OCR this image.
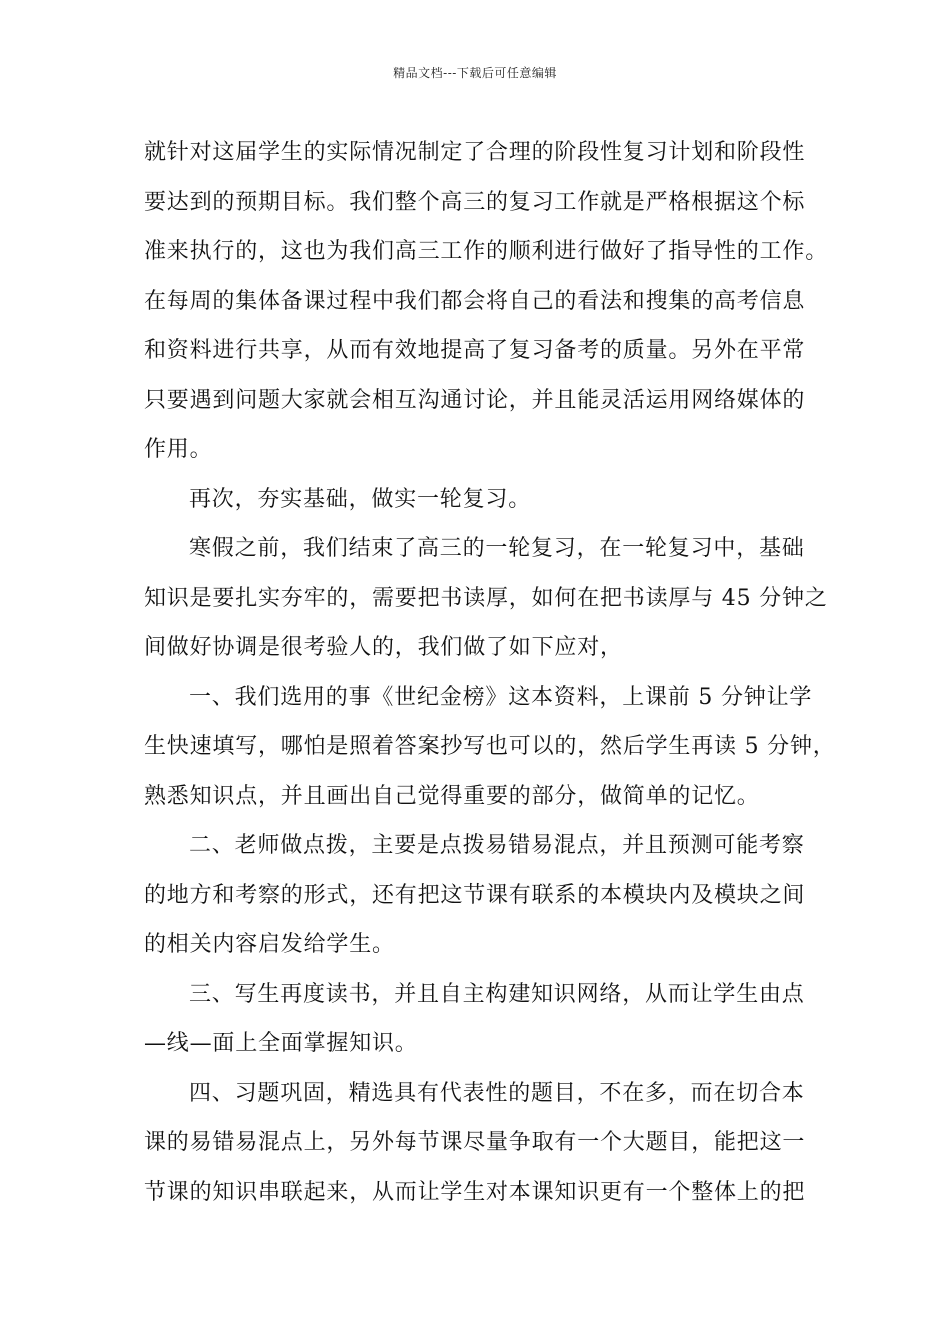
精品文档---下载后可任意编辑
就针对这届学生的实际情况制定了合理的阶段性复习计划和阶段性
要达到的预期目标。我们整个高三的复习工作就是严格根据这个标
准来执行的，这也为我们高三工作的顺利进行做好了指导性的工作。
在每周的集体备课过程中我们都会将自己的看法和搜集的高考信息
和资料进行共享，从而有效地提高了复习备考的质量。另外在平常
只要遇到问题大家就会相互沟通讨论，并且能灵活运用网络媒体的
作用。
再次，夯实基础，做实一轮复习。
寒假之前，我们结束了高三的一轮复习，在一轮复习中，基础
知识是要扎实夯牢的，需要把书读厚，如何在把书读厚与 45 分钟之
间做好协调是很考验人的，我们做了如下应对，
一、我们选用的事《世纪金榜》这本资料，上课前 5 分钟让学
生快速填写，哪怕是照着答案抄写也可以的，然后学生再读 5 分钟，
熟悉知识点，并且画出自己觉得重要的部分，做简单的记忆。
二、老师做点拨，主要是点拨易错易混点，并且预测可能考察
的地方和考察的形式，还有把这节课有联系的本模块内及模块之间
的相关内容启发给学生。
三、写生再度读书，并且自主构建知识网络，从而让学生由点
—线—面上全面掌握知识。
四、习题巩固，精选具有代表性的题目，不在多，而在切合本
课的易错易混点上，另外每节课尽量争取有一个大题目，能把这一
节课的知识串联起来，从而让学生对本课知识更有一个整体上的把
